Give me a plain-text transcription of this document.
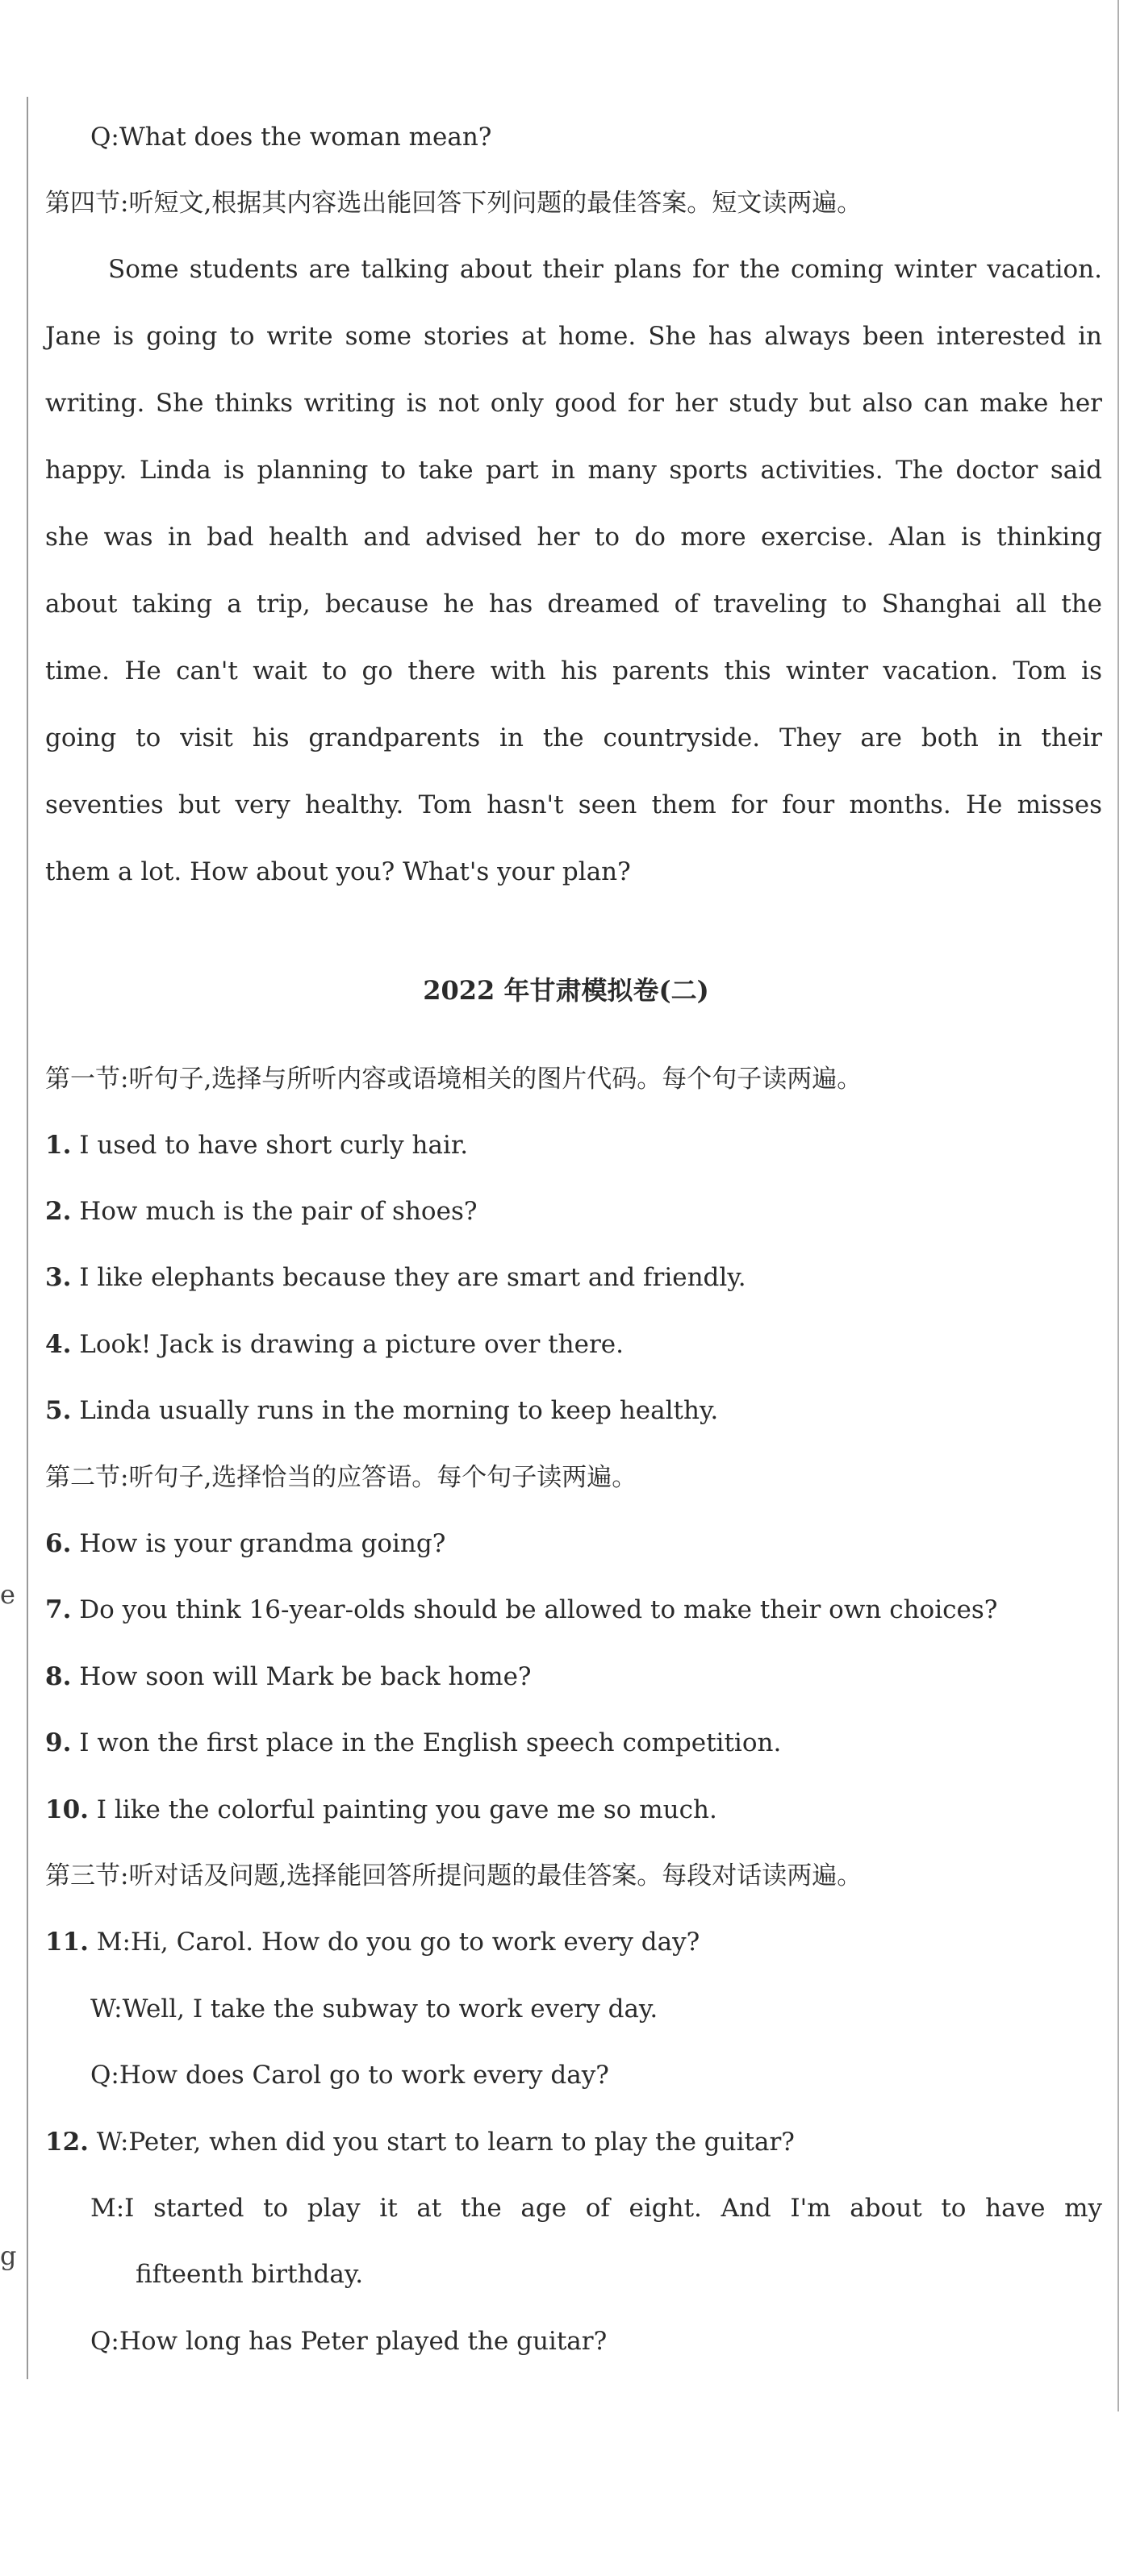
e
g
Q:What does the woman mean?
第四节:听短文,根据其内容选出能回答下列问题的最佳答案。短文读两遍。
Some students are talking about their plans for the coming winter vacation.
Jane is going to write some stories at home. She has always been interested in
writing. She thinks writing is not only good for her study but also can make her
happy. Linda is planning to take part in many sports activities. The doctor said
she was in bad health and advised her to do more exercise. Alan is thinking
about taking a trip, because he has dreamed of traveling to Shanghai all the
time. He can't wait to go there with his parents this winter vacation. Tom is
going to visit his grandparents in the countryside. They are both in their
seventies but very healthy. Tom hasn't seen them for four months. He misses
them a lot. How about you? What's your plan?
2022 年甘肃模拟卷(二)
第一节:听句子,选择与所听内容或语境相关的图片代码。每个句子读两遍。
1. I used to have short curly hair.
2. How much is the pair of shoes?
3. I like elephants because they are smart and friendly.
4. Look! Jack is drawing a picture over there.
5. Linda usually runs in the morning to keep healthy.
第二节:听句子,选择恰当的应答语。每个句子读两遍。
6. How is your grandma going?
7. Do you think 16-year-olds should be allowed to make their own choices?
8. How soon will Mark be back home?
9. I won the first place in the English speech competition.
10. I like the colorful painting you gave me so much.
第三节:听对话及问题,选择能回答所提问题的最佳答案。每段对话读两遍。
11. M:Hi, Carol. How do you go to work every day?
W:Well, I take the subway to work every day.
Q:How does Carol go to work every day?
12. W:Peter, when did you start to learn to play the guitar?
M:I started to play it at the age of eight. And I'm about to have my
fifteenth birthday.
Q:How long has Peter played the guitar?
